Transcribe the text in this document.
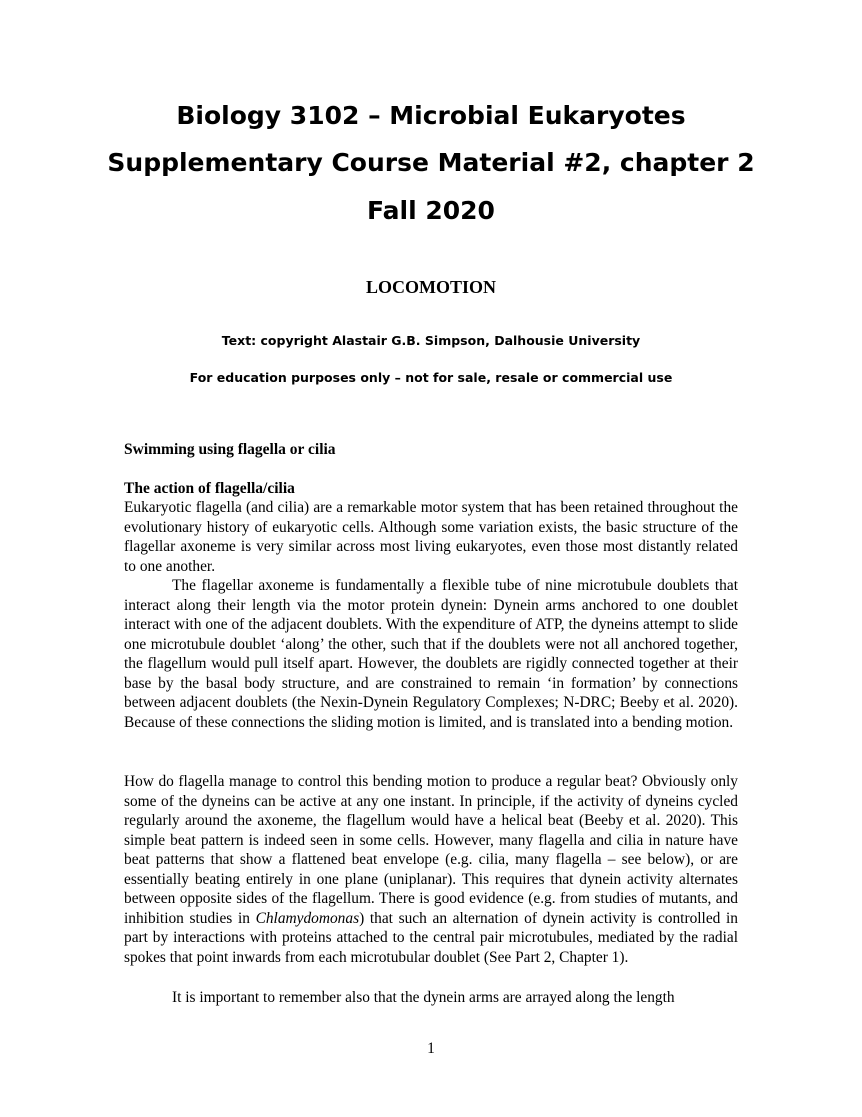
Biology 3102 – Microbial Eukaryotes
Supplementary Course Material #2, chapter 2
Fall 2020
LOCOMOTION

Text: copyright Alastair G.B. Simpson, Dalhousie University

For education purposes only – not for sale, resale or commercial use

Swimming using flagella or cilia
The action of flagella/cilia

Eukaryotic flagella (and cilia) are a remarkable motor system that has been retained throughout the evolutionary history of eukaryotic cells. Although some variation exists, the basic structure of the flagellar axoneme is very similar across most living eukaryotes, even those most distantly related to one another.

The flagellar axoneme is fundamentally a flexible tube of nine microtubule doublets that interact along their length via the motor protein dynein: Dynein arms anchored to one doublet interact with one of the adjacent doublets. With the expenditure of ATP, the dyneins attempt to slide one microtubule doublet ‘along’ the other, such that if the doublets were not all anchored together, the flagellum would pull itself apart. However, the doublets are rigidly connected together at their base by the basal body structure, and are constrained to remain ‘in formation’ by connections between adjacent doublets (the Nexin-Dynein Regulatory Complexes; N-DRC; Beeby et al. 2020). Because of these connections the sliding motion is limited, and is translated into a bending motion.

How do flagella manage to control this bending motion to produce a regular beat? Obviously only some of the dyneins can be active at any one instant. In principle, if the activity of dyneins cycled regularly around the axoneme, the flagellum would have a helical beat (Beeby et al. 2020). This simple beat pattern is indeed seen in some cells. However, many flagella and cilia in nature have beat patterns that show a flattened beat envelope (e.g. cilia, many flagella – see below), or are essentially beating entirely in one plane (uniplanar). This requires that dynein activity alternates between opposite sides of the flagellum. There is good evidence (e.g. from studies of mutants, and inhibition studies in Chlamydomonas) that such an alternation of dynein activity is controlled in part by interactions with proteins attached to the central pair microtubules, mediated by the radial spokes that point inwards from each microtubular doublet (See Part 2, Chapter 1).

It is important to remember also that the dynein arms are arrayed along the length

1
